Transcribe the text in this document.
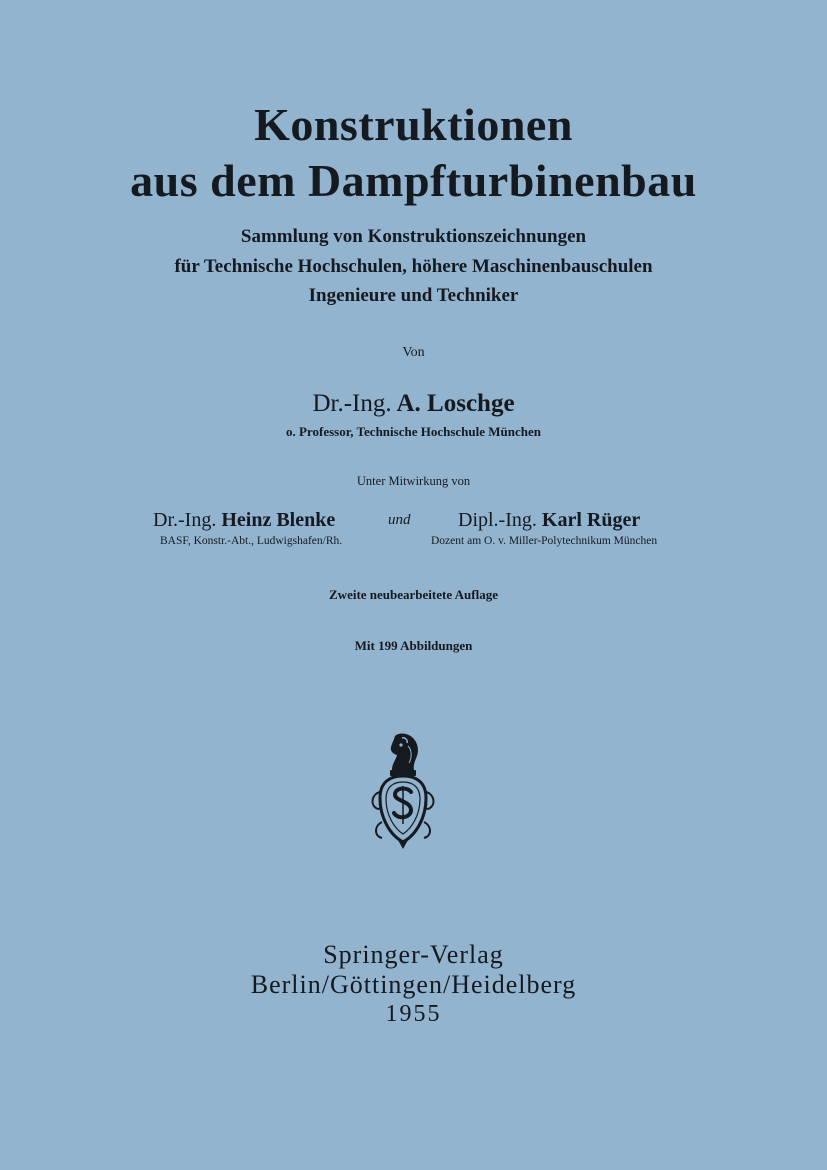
Konstruktionen
aus dem Dampfturbinenbau
Sammlung von Konstruktionszeichnungen
für Technische Hochschulen, höhere Maschinenbauschulen
Ingenieure und Techniker
Von
Dr.-Ing. A. Loschge
o. Professor, Technische Hochschule München
Unter Mitwirkung von
Dr.-Ing. Heinz Blenke
BASF, Konstr.-Abt., Ludwigshafen/Rh.
und Dipl.-Ing. Karl Rüger
Dozent am O. v. Miller-Polytechnikum München
Zweite neubearbeitete Auflage
Mit 199 Abbildungen
Springer-Verlag
Berlin/Göttingen/Heidelberg
1955
